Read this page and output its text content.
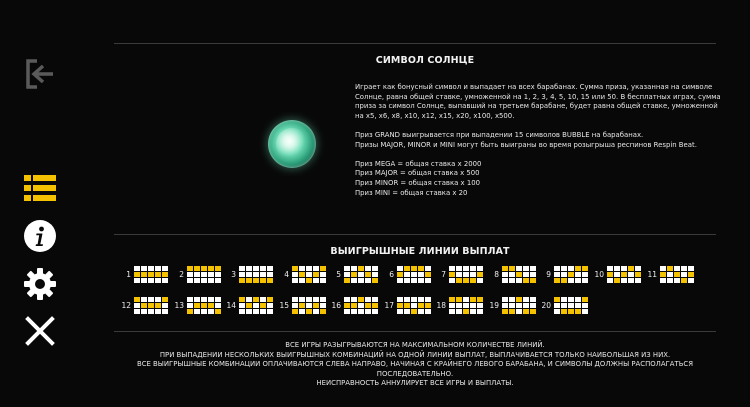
СИМВОЛ СОЛНЦЕ

Играет как бонусный символ и выпадает на всех барабанах. Сумма приза, указанная на символе Солнце, равна общей ставке, умноженной на 1, 2, 3, 4, 5, 10, 15 или 50. В бесплатных играх, сумма приза за символ Солнце, выпавший на третьем барабане, будет равна общей ставке, умноженной на x5, x6, x8, x10, x12, x15, x20, x100, x500.

Приз GRAND выигрывается при выпадении 15 символов BUBBLE на барабанах.

Призы MAJOR, MINOR и MINI могут быть выиграны во время розыгрыша респинов Respin Beat.

Приз MEGA = общая ставка x 2000
Приз MAJOR = общая ставка x 500
Приз MINOR = общая ставка x 100
Приз MINI = общая ставка x 20
ВЫИГРЫШНЫЕ ЛИНИИ ВЫПЛАТ
1	2	3	4	5	6	7	8	9	10	11
12	13	14	15	16	17	18	19	20
ВСЕ ИГРЫ РАЗЫГРЫВАЮТСЯ НА МАКСИМАЛЬНОМ КОЛИЧЕСТВЕ ЛИНИЙ.
ПРИ ВЫПАДЕНИИ НЕСКОЛЬКИХ ВЫИГРЫШНЫХ КОМБИНАЦИЙ НА ОДНОЙ ЛИНИИ ВЫПЛАТ, ВЫПЛАЧИВАЕТСЯ ТОЛЬКО НАИБОЛЬШАЯ ИЗ НИХ.
ВСЕ ВЫИГРЫШНЫЕ КОМБИНАЦИИ ОПЛАЧИВАЮТСЯ СЛЕВА НАПРАВО, НАЧИНАЯ С КРАЙНЕГО ЛЕВОГО БАРАБАНА, И СИМВОЛЫ ДОЛЖНЫ РАСПОЛАГАТЬСЯ ПОСЛЕДОВАТЕЛЬНО.
НЕИСПРАВНОСТЬ АННУЛИРУЕТ ВСЕ ИГРЫ И ВЫПЛАТЫ.
